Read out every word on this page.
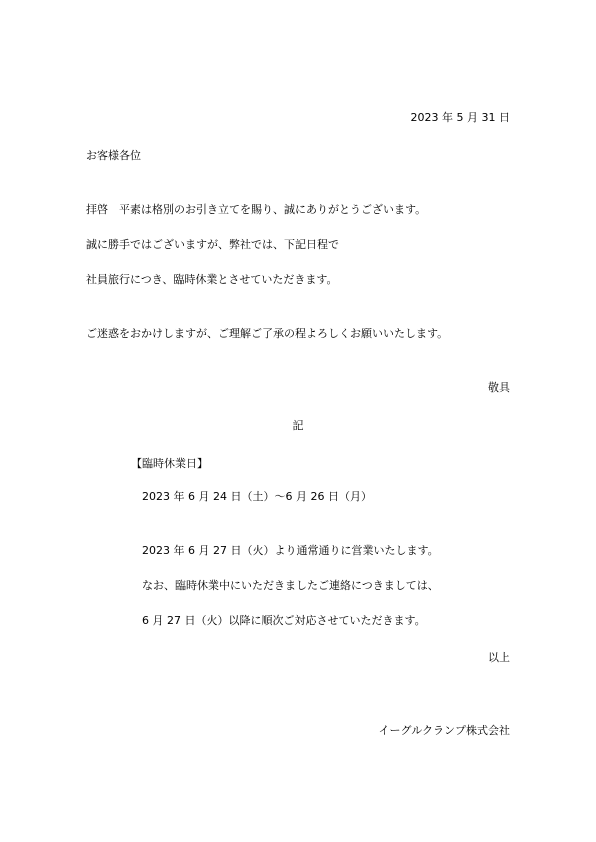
2023 年 5 月 31 日
お客様各位
拝啓　平素は格別のお引き立てを賜り、誠にありがとうございます。
誠に勝手ではございますが、弊社では、下記日程で
社員旅行につき、臨時休業とさせていただきます。
ご迷惑をおかけしますが、ご理解ご了承の程よろしくお願いいたします。
敬具
記
【臨時休業日】
2023 年 6 月 24 日（土）〜6 月 26 日（月）
2023 年 6 月 27 日（火）より通常通りに営業いたします。
なお、臨時休業中にいただきましたご連絡につきましては、
6 月 27 日（火）以降に順次ご対応させていただきます。
以上
イーグルクランプ株式会社
